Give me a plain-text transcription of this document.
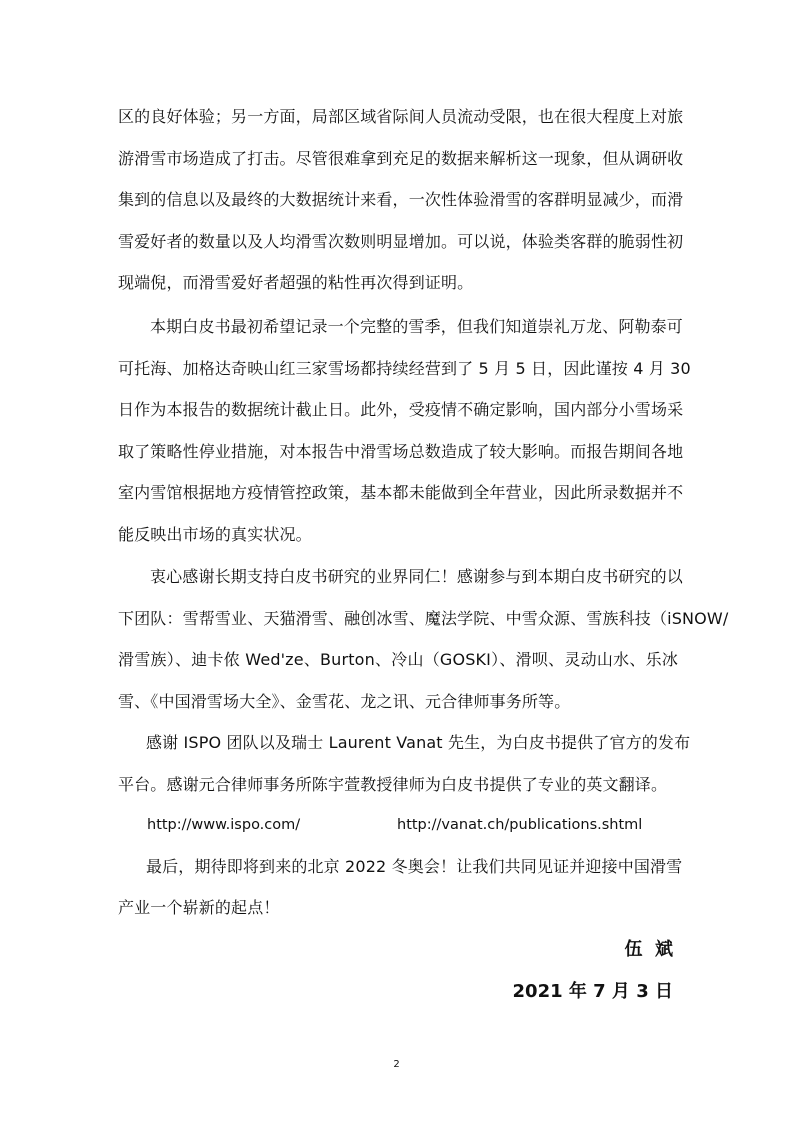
区的良好体验；另一方面，局部区域省际间人员流动受限，也在很大程度上对旅
游滑雪市场造成了打击。尽管很难拿到充足的数据来解析这一现象，但从调研收
集到的信息以及最终的大数据统计来看，一次性体验滑雪的客群明显减少，而滑
雪爱好者的数量以及人均滑雪次数则明显增加。可以说，体验类客群的脆弱性初
现端倪，而滑雪爱好者超强的粘性再次得到证明。
本期白皮书最初希望记录一个完整的雪季，但我们知道崇礼万龙、阿勒泰可
可托海、加格达奇映山红三家雪场都持续经营到了 5 月 5 日，因此谨按 4 月 30
日作为本报告的数据统计截止日。此外，受疫情不确定影响，国内部分小雪场采
取了策略性停业措施，对本报告中滑雪场总数造成了较大影响。而报告期间各地
室内雪馆根据地方疫情管控政策，基本都未能做到全年营业，因此所录数据并不
能反映出市场的真实状况。
衷心感谢长期支持白皮书研究的业界同仁！感谢参与到本期白皮书研究的以
下团队：雪帮雪业、天猫滑雪、融创冰雪、魔法学院、中雪众源、雪族科技（iSNOW/
滑雪族）、迪卡侬 Wed'ze、Burton、冷山（GOSKI）、滑呗、灵动山水、乐冰
雪、《中国滑雪场大全》、金雪花、龙之讯、元合律师事务所等。
感谢 ISPO 团队以及瑞士 Laurent Vanat 先生，为白皮书提供了官方的发布
平台。感谢元合律师事务所陈宇萱教授律师为白皮书提供了专业的英文翻译。
http://www.ispo.com/	http://vanat.ch/publications.shtml
最后，期待即将到来的北京 2022 冬奥会！让我们共同见证并迎接中国滑雪
产业一个崭新的起点！
伍  斌
2021 年 7 月 3 日
2
